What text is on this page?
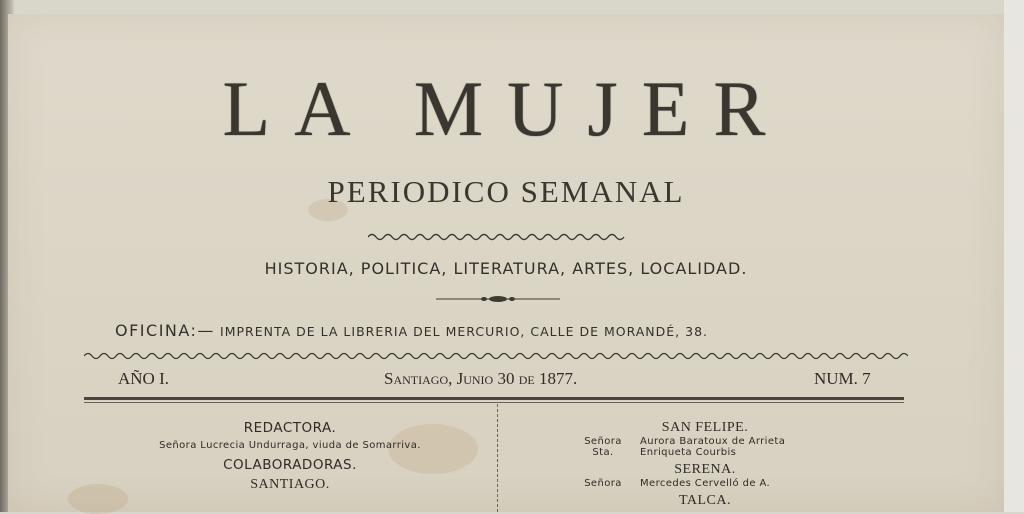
LA MUJER
PERIODICO SEMANAL
HISTORIA, POLITICA, LITERATURA, ARTES, LOCALIDAD.
OFICINA:— IMPRENTA DE LA LIBRERIA DEL MERCURIO, CALLE DE MORANDÉ, 38.
AÑO I.	Santiago, Junio 30 de 1877.	NUM. 7
REDACTORA.
Señora Lucrecia Undurraga, viuda de Somarriva.
COLABORADORAS.
SANTIAGO.
SAN FELIPE.
Señora	Aurora Baratoux de Arrieta
Sta.	Enriqueta Courbis
SERENA.
Señora	Mercedes Cervelló de A.
TALCA.
